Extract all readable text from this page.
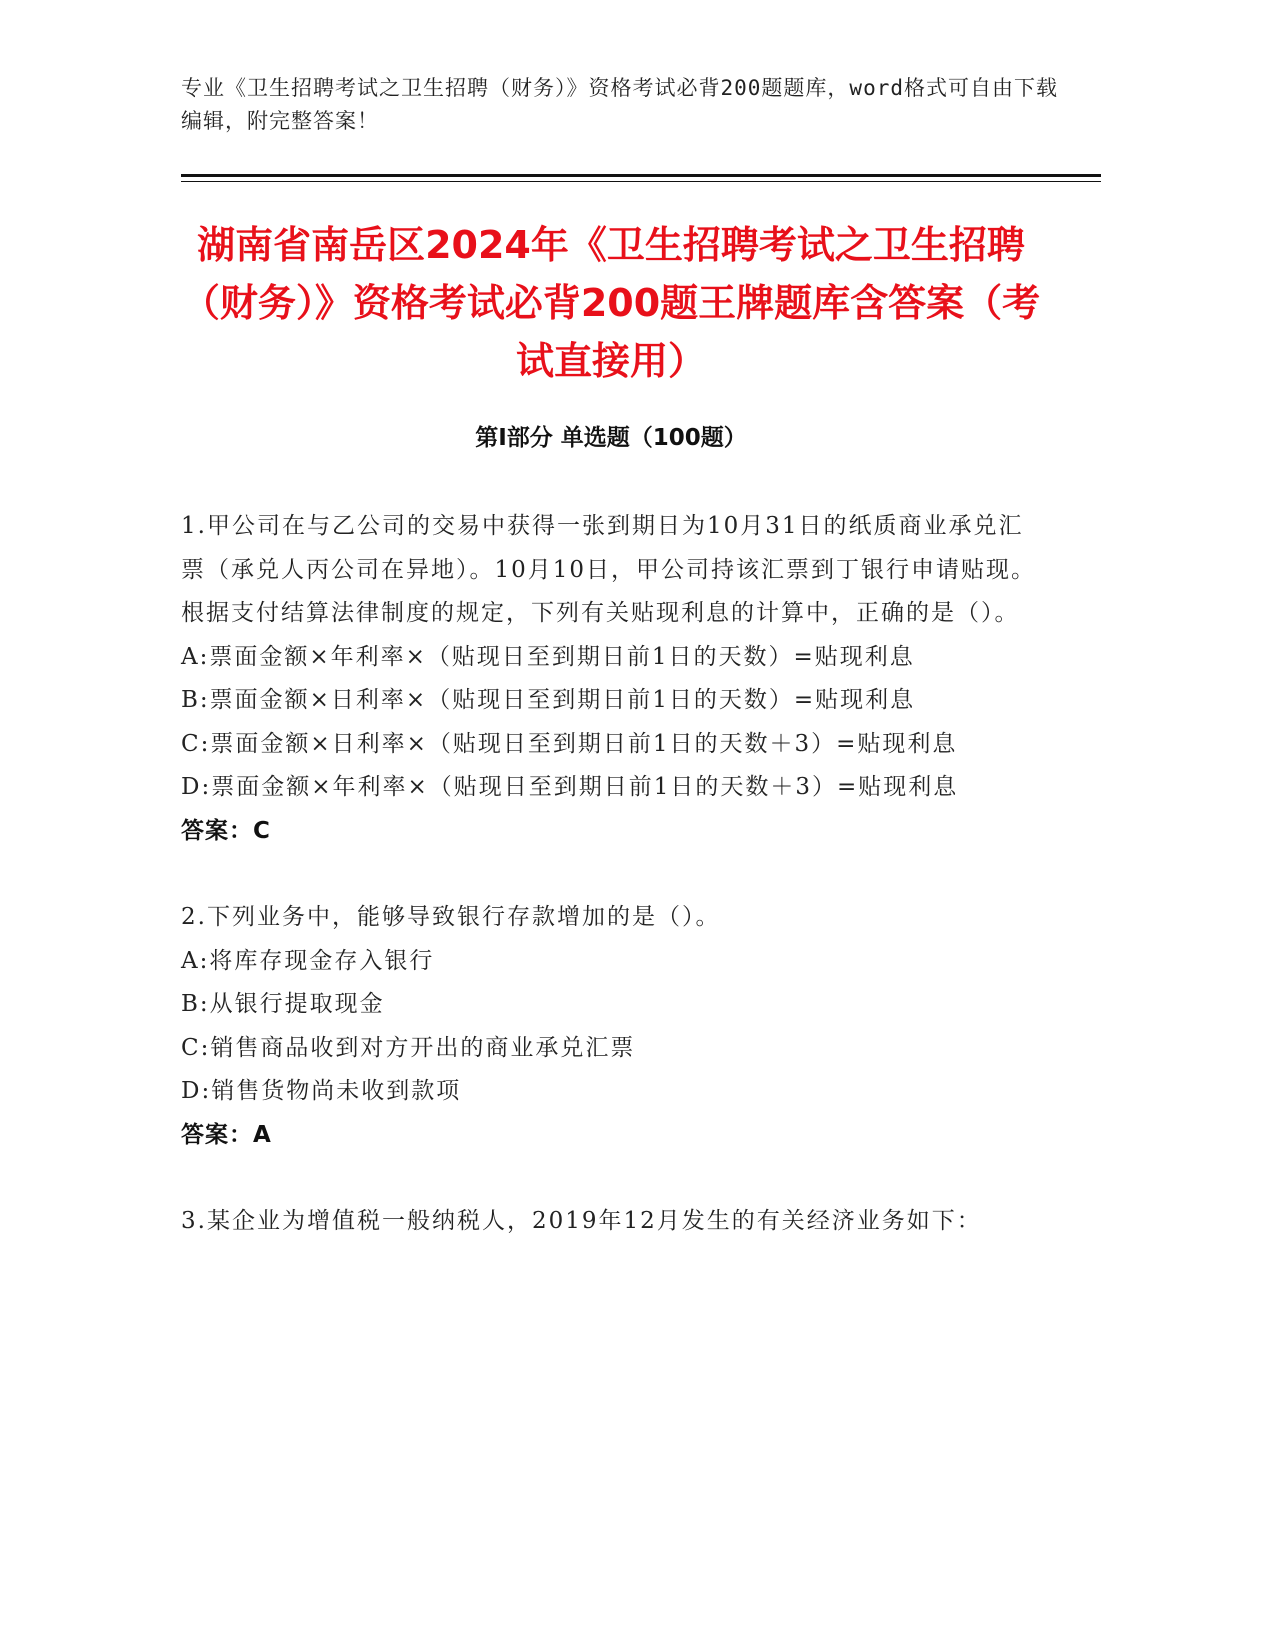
专业《卫生招聘考试之卫生招聘（财务）》资格考试必背200题题库，word格式可自由下载编辑，附完整答案！
湖南省南岳区2024年《卫生招聘考试之卫生招聘（财务）》资格考试必背200题王牌题库含答案（考试直接用）
第I部分 单选题（100题）
1.甲公司在与乙公司的交易中获得一张到期日为10月31日的纸质商业承兑汇票（承兑人丙公司在异地）。10月10日，甲公司持该汇票到丁银行申请贴现。根据支付结算法律制度的规定，下列有关贴现利息的计算中，正确的是（）。
A:票面金额×年利率×（贴现日至到期日前1日的天数）=贴现利息
B:票面金额×日利率×（贴现日至到期日前1日的天数）=贴现利息
C:票面金额×日利率×（贴现日至到期日前1日的天数＋3）=贴现利息
D:票面金额×年利率×（贴现日至到期日前1日的天数＋3）=贴现利息
答案：C
2.下列业务中，能够导致银行存款增加的是（）。
A:将库存现金存入银行
B:从银行提取现金
C:销售商品收到对方开出的商业承兑汇票
D:销售货物尚未收到款项
答案：A
3.某企业为增值税一般纳税人，2019年12月发生的有关经济业务如下：
